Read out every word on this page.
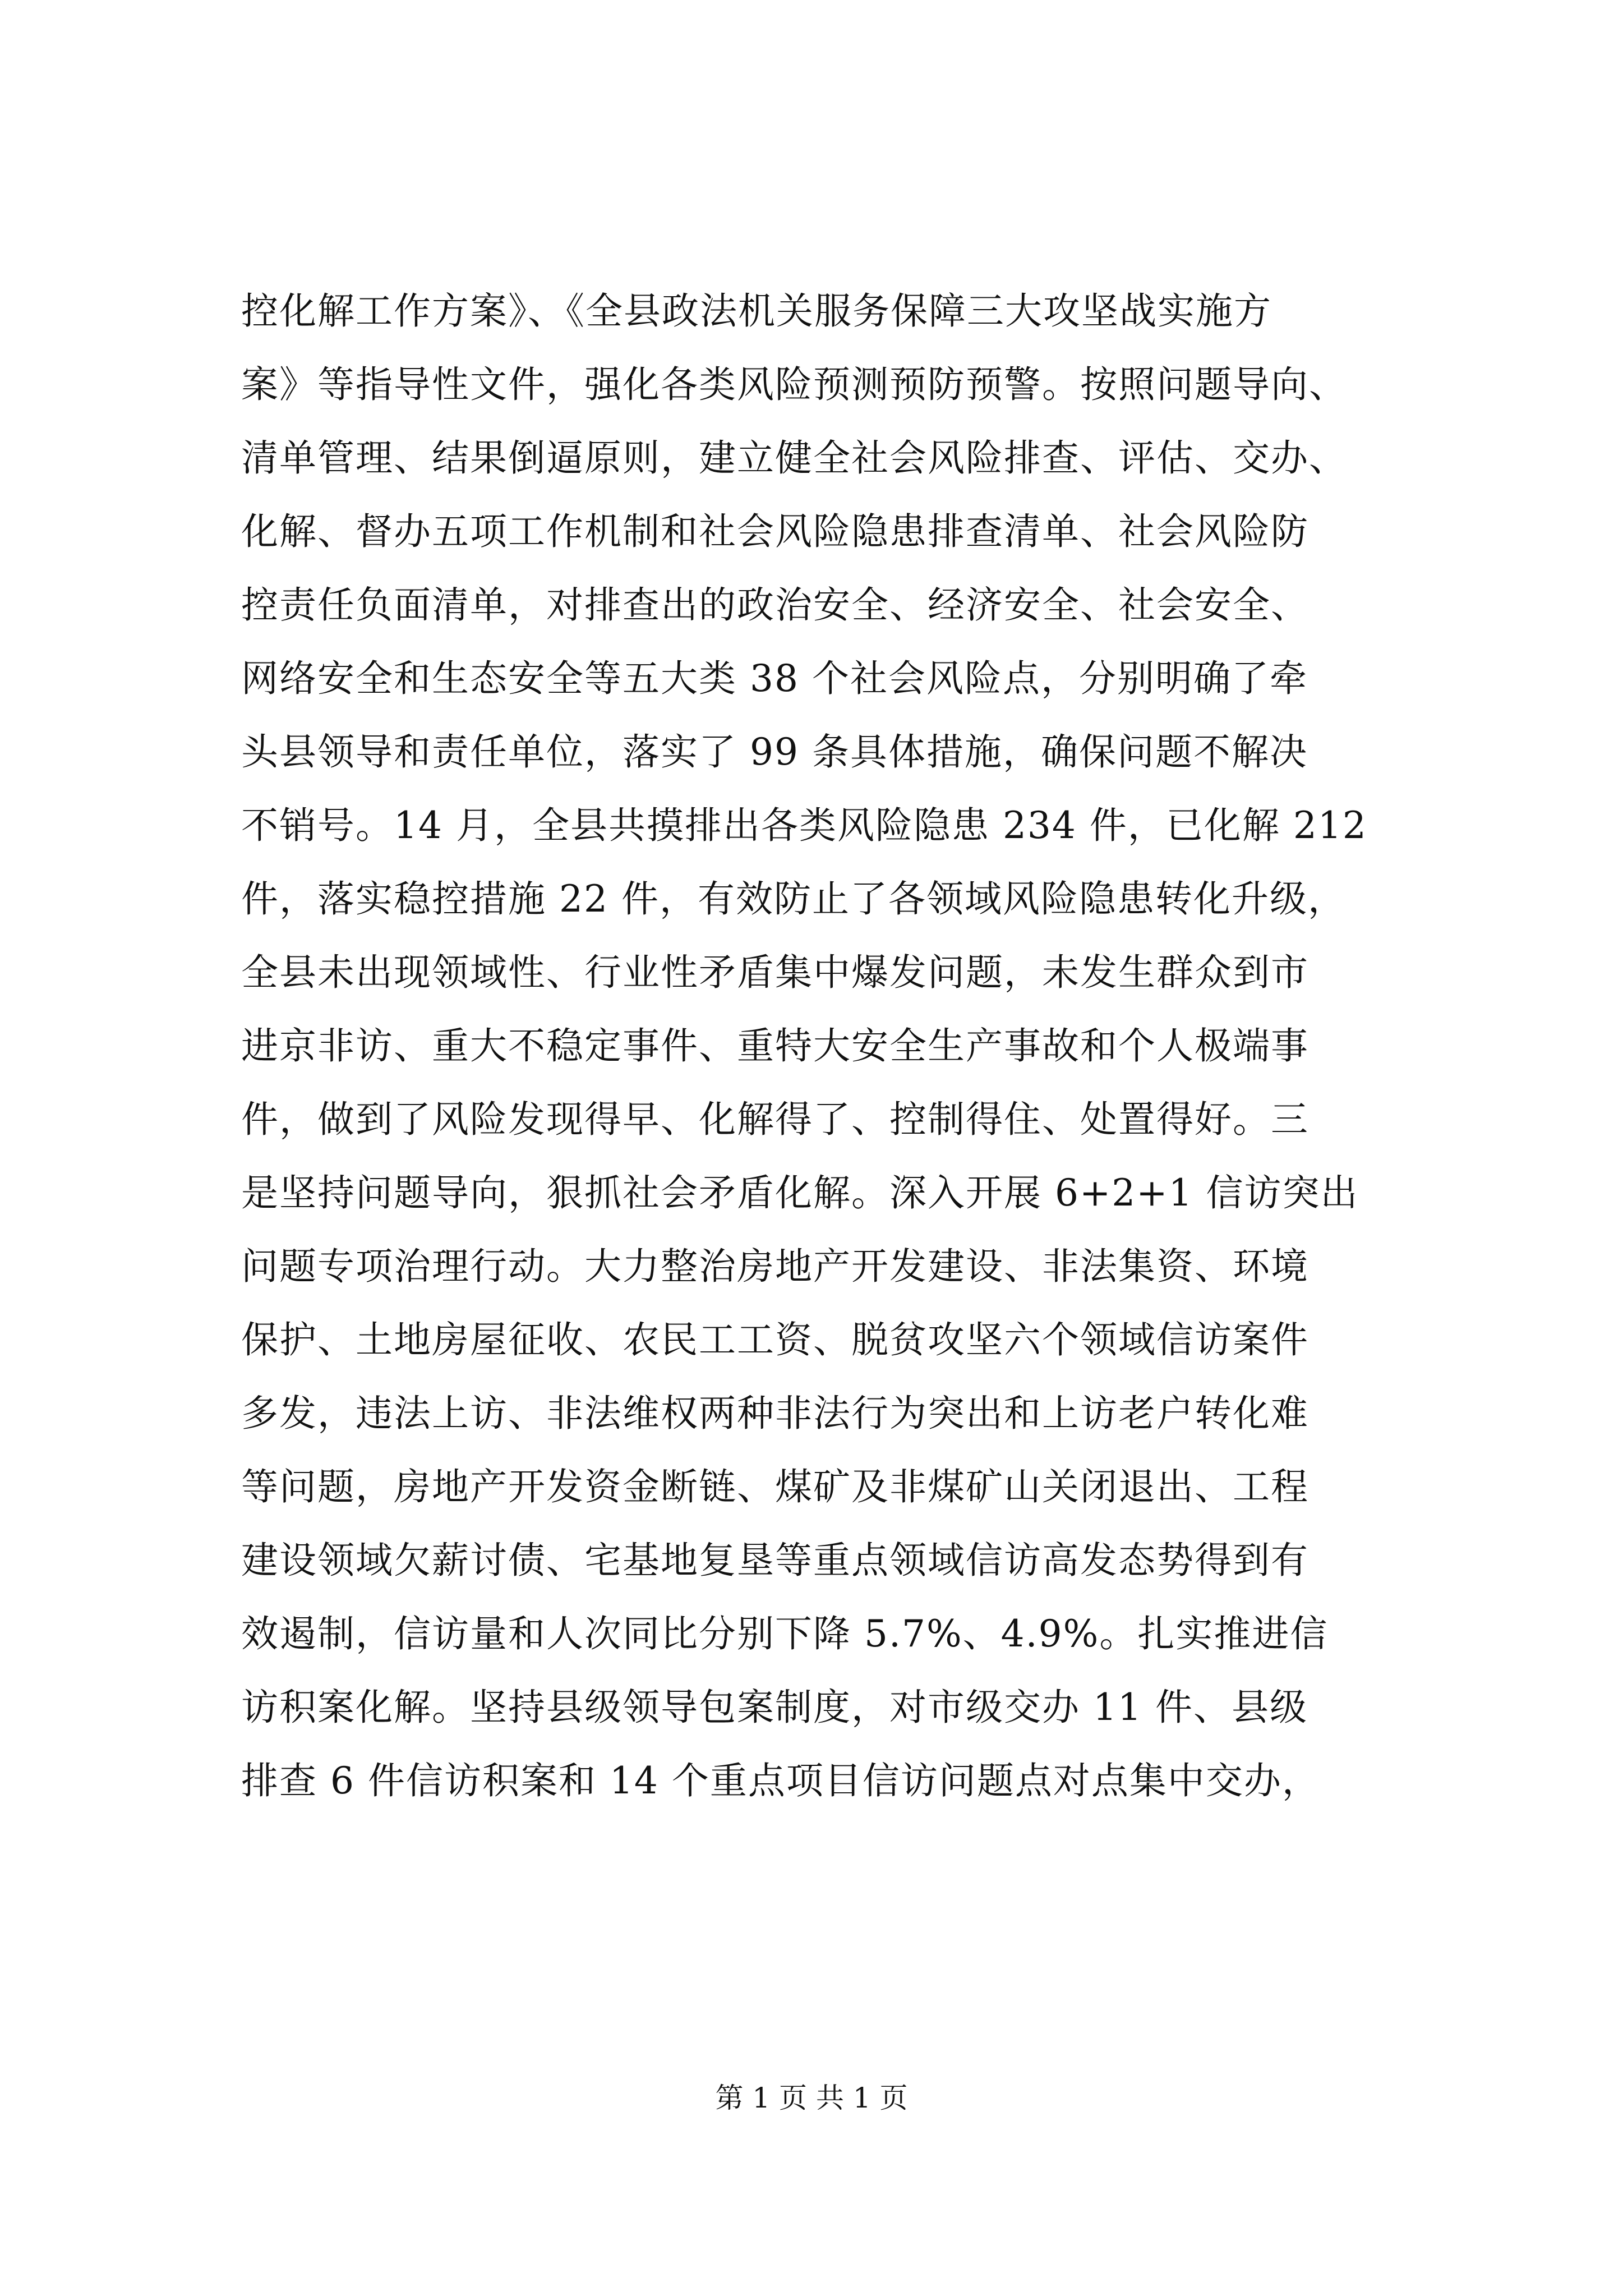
控化解工作方案》、《全县政法机关服务保障三大攻坚战实施方
案》等指导性文件，强化各类风险预测预防预警。按照问题导向、
清单管理、结果倒逼原则，建立健全社会风险排查、评估、交办、
化解、督办五项工作机制和社会风险隐患排查清单、社会风险防
控责任负面清单，对排查出的政治安全、经济安全、社会安全、
网络安全和生态安全等五大类 38 个社会风险点，分别明确了牵
头县领导和责任单位，落实了 99 条具体措施，确保问题不解决
不销号。14 月，全县共摸排出各类风险隐患 234 件，已化解 212
件，落实稳控措施 22 件，有效防止了各领域风险隐患转化升级，
全县未出现领域性、行业性矛盾集中爆发问题，未发生群众到市
进京非访、重大不稳定事件、重特大安全生产事故和个人极端事
件，做到了风险发现得早、化解得了、控制得住、处置得好。三
是坚持问题导向，狠抓社会矛盾化解。深入开展 6+2+1 信访突出
问题专项治理行动。大力整治房地产开发建设、非法集资、环境
保护、土地房屋征收、农民工工资、脱贫攻坚六个领域信访案件
多发，违法上访、非法维权两种非法行为突出和上访老户转化难
等问题，房地产开发资金断链、煤矿及非煤矿山关闭退出、工程
建设领域欠薪讨债、宅基地复垦等重点领域信访高发态势得到有
效遏制，信访量和人次同比分别下降 5.7%、4.9%。扎实推进信
访积案化解。坚持县级领导包案制度，对市级交办 11 件、县级
排查 6 件信访积案和 14 个重点项目信访问题点对点集中交办，
第 1 页 共 1 页
